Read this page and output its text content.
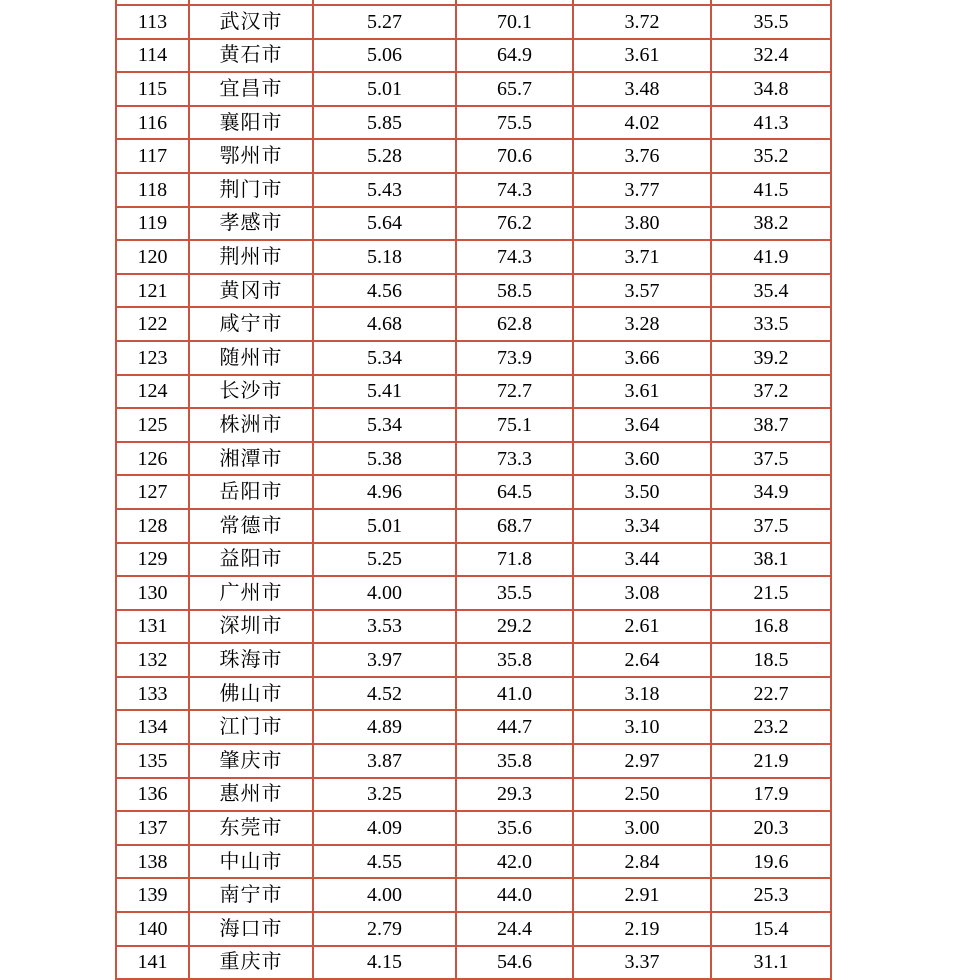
113	武汉市	5.27	70.1	3.72	35.5
114	黄石市	5.06	64.9	3.61	32.4
115	宜昌市	5.01	65.7	3.48	34.8
116	襄阳市	5.85	75.5	4.02	41.3
117	鄂州市	5.28	70.6	3.76	35.2
118	荆门市	5.43	74.3	3.77	41.5
119	孝感市	5.64	76.2	3.80	38.2
120	荆州市	5.18	74.3	3.71	41.9
121	黄冈市	4.56	58.5	3.57	35.4
122	咸宁市	4.68	62.8	3.28	33.5
123	随州市	5.34	73.9	3.66	39.2
124	长沙市	5.41	72.7	3.61	37.2
125	株洲市	5.34	75.1	3.64	38.7
126	湘潭市	5.38	73.3	3.60	37.5
127	岳阳市	4.96	64.5	3.50	34.9
128	常德市	5.01	68.7	3.34	37.5
129	益阳市	5.25	71.8	3.44	38.1
130	广州市	4.00	35.5	3.08	21.5
131	深圳市	3.53	29.2	2.61	16.8
132	珠海市	3.97	35.8	2.64	18.5
133	佛山市	4.52	41.0	3.18	22.7
134	江门市	4.89	44.7	3.10	23.2
135	肇庆市	3.87	35.8	2.97	21.9
136	惠州市	3.25	29.3	2.50	17.9
137	东莞市	4.09	35.6	3.00	20.3
138	中山市	4.55	42.0	2.84	19.6
139	南宁市	4.00	44.0	2.91	25.3
140	海口市	2.79	24.4	2.19	15.4
141	重庆市	4.15	54.6	3.37	31.1
